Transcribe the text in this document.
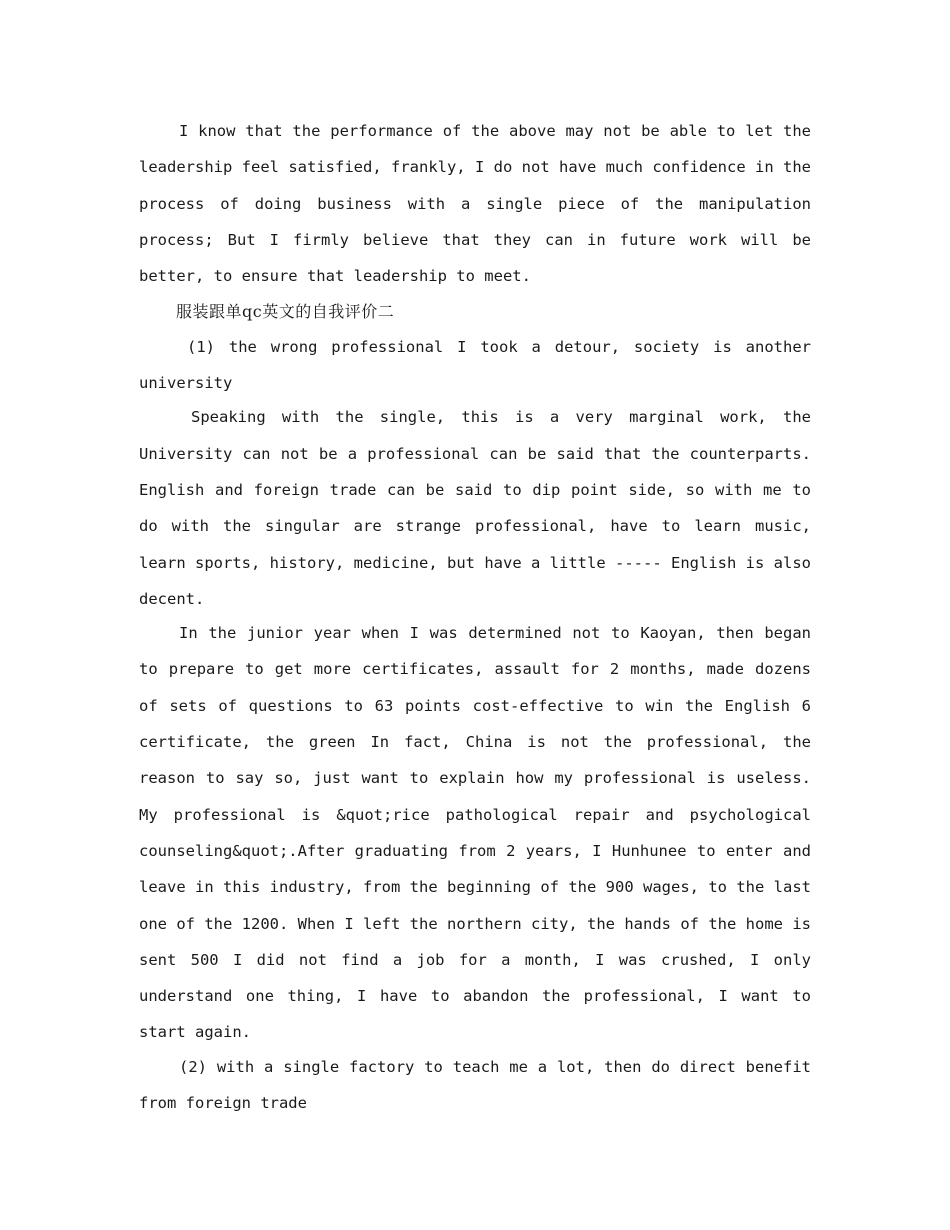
I know that the performance of the above may not be able to let the leadership feel satisfied, frankly, I do not have much confidence in the process of doing business with a single piece of the manipulation process; But I firmly believe that they can in future work will be better, to ensure that leadership to meet.

服装跟单qc英文的自我评价二

(1) the wrong professional I took a detour, society is another university

Speaking with the single, this is a very marginal work, the University can not be a professional can be said that the counterparts. English and foreign trade can be said to dip point side, so with me to do with the singular are strange professional, have to learn music, learn sports, history, medicine, but have a little ----- English is also decent.

In the junior year when I was determined not to Kaoyan, then began to prepare to get more certificates, assault for 2 months, made dozens of sets of questions to 63 points cost-effective to win the English 6 certificate, the green In fact, China is not the professional, the reason to say so, just want to explain how my professional is useless. My professional is &quot;rice pathological repair and psychological counseling&quot;.After graduating from 2 years, I Hunhunee to enter and leave in this industry, from the beginning of the 900 wages, to the last one of the 1200. When I left the northern city, the hands of the home is sent 500 I did not find a job for a month, I was crushed, I only understand one thing, I have to abandon the professional, I want to start again.

(2) with a single factory to teach me a lot, then do direct benefit from foreign trade
